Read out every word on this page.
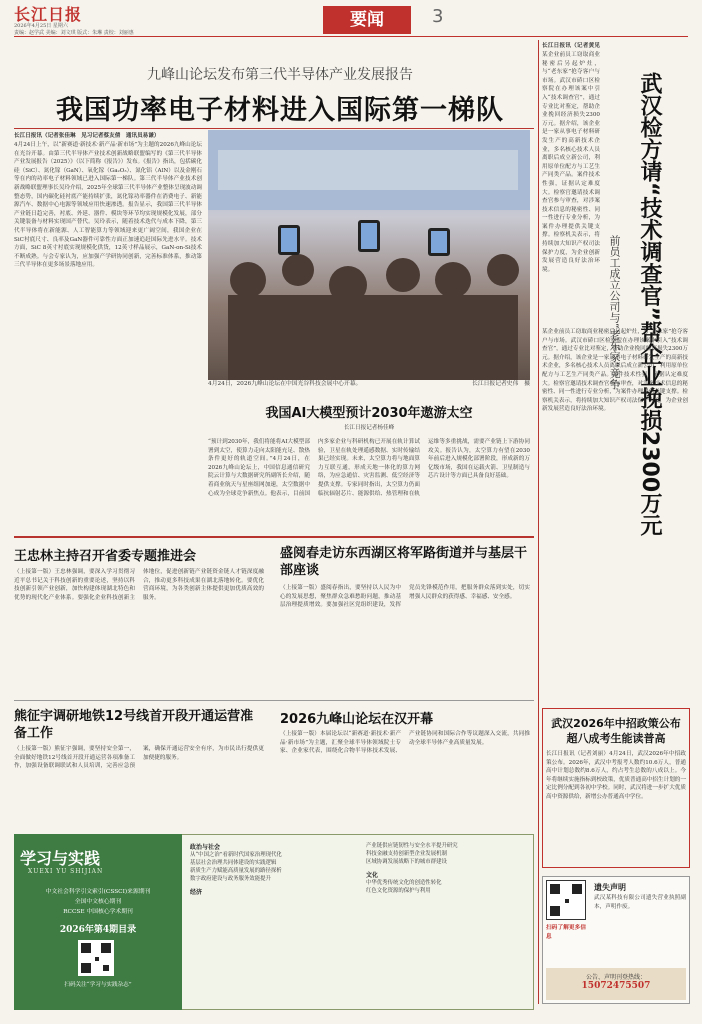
长江日报
2026年4月25日 星期六
责编：赵学武 美编：刘文琪 版式：朱琳 责校：刘丽惠
要闻	3
九峰山论坛发布第三代半导体产业发展报告
我国功率电子材料进入国际第一梯队
长江日报讯（记者张佳琳　见习记者蔡友倩　通讯员易谦）
4月24日上午，以“新赛道·新技术·新产品·新市场”为主题的2026九峰山论坛在光谷开幕。由第三代半导体产业技术创新战略联盟编写的《第三代半导体产业发展报告（2025）》（以下简称《报告》）发布。《报告》指出，包括碳化硅（SiC）、氮化镓（GaN）、氧化镓（Ga₂O₃）、氮化铝（AlN）以及金刚石等在内的功率电子材料领域已进入国际第一梯队。第三代半导体产业技术创新战略联盟理事长吴玲介绍，2025年全球第三代半导体产业整体呈现波动调整态势，国内碳化硅衬底产能持续扩张，氮化镓功率器件在消费电子、新能源汽车、数据中心电源等领域应用快速渗透。报告显示，我国第三代半导体产业链日趋完善，衬底、外延、器件、模块等环节均实现规模化发展，部分关键装备与材料实现国产替代。吴玲表示，随着技术迭代与成本下降，第三代半导体将在新能源、人工智能算力等领域迎来更广阔空间，我国企业在SiC衬底尺寸、良率及GaN器件可靠性方面正加速追赶国际先进水平。技术方面，SiC 8英寸衬底实现规模化供货，12英寸样品展示，GaN-on-Si技术不断成熟。与会专家认为，应加强产学研协同创新，完善标准体系，推动第三代半导体在更多场景落地应用。
4月24日，2026九峰山论坛在中国光谷科技会展中心开幕。	长江日报记者史伟　摄
我国AI大模型预计2030年遨游太空
长江日报记者杨佳峰
“预计到2030年，我们将能将AI大模型部署到太空，使算力走向太阳能充足、散热条件更好的轨道空间。”4月24日，在2026九峰山论坛上，中国信息通信研究院云计算与大数据研究所副所长介绍，随着商业航天与星座组网加速，太空数据中心成为全球竞争新焦点。他表示，目前国内多家企业与科研机构已开展在轨计算试验，卫星在轨处理遥感数据、实时传输结果已经实现。未来，太空算力将与地面算力互联互通，形成天地一体化的算力网络，为应急通信、灾害监测、低空经济等提供支撑。专家同时指出，太空算力仍面临抗辐射芯片、能源供给、热管理和在轨运维等多重挑战，需要产业链上下游协同攻关。报告认为，太空算力有望在2030年前后进入规模化部署阶段，形成新的万亿级市场，我国在运载火箭、卫星制造与芯片设计等方面已具备良好基础。	武汉检方请“技术调查官”帮企业挽损2300万元
前员工成立公司与“老东家”竞争
长江日报讯（记者黄见　　
某企业前员工窃取商业秘密后另起炉灶，与“老东家”抢夺客户与市场。武汉市硚口区检察院在办理该案中引入“技术调查官”，通过专业比对鉴定，帮助企业挽回经济损失2300万元。据介绍，该企业是一家从事电子材料研发生产的高新技术企业，多名核心技术人员离职后成立新公司，利用原单位配方与工艺生产同类产品。案件技术性强，证据认定难度大。检察官邀请技术调查官参与审查，对涉案技术信息的秘密性、同一性进行专业分析，为案件办理提供关键支撑。检察机关表示，将持续加大知识产权司法保护力度，为企业创新发展营造良好法治环境。
某企业前员工窃取商业秘密后另起炉灶，与“老东家”抢夺客户与市场。武汉市硚口区检察院在办理该案中引入“技术调查官”，通过专业比对鉴定，帮助企业挽回经济损失2300万元。据介绍，该企业是一家从事电子材料研发生产的高新技术企业，多名核心技术人员离职后成立新公司，利用原单位配方与工艺生产同类产品。案件技术性强，证据认定难度大。检察官邀请技术调查官参与审查，对涉案技术信息的秘密性、同一性进行专业分析，为案件办理提供关键支撑。检察机关表示，将持续加大知识产权司法保护力度，为企业创新发展营造良好法治环境。
武汉2026年中招政策公布 超八成考生能读普高
长江日报讯（记者刘丽）4月24日，武汉2026年中招政策公布。2026年，武汉中考报考人数约10.6万人，普通高中计划总数约8.6万人，约占考生总数的八成以上。今年将继续实施指标到校政策，优质普通高中招生计划的一定比例分配到各初中学校。同时，武汉将进一步扩大优质高中资源供给，新增公办普通高中学位。
王忠林主持召开省委专题推进会
（上接第一版）王忠林强调，要深入学习贯彻习近平总书记关于科技创新的重要论述，坚持以科技创新引领产业创新，加快构建体现湖北特色和优势的现代化产业体系。要强化企业科技创新主体地位，促进创新链产业链资金链人才链深度融合，推动更多科技成果在湖北落地转化。要优化营商环境，为各类创新主体提供更加优质高效的服务。
盛阅春走访东西湖区将军路街道并与基层干部座谈
（上接第一版）盛阅春指出，要坚持以人民为中心的发展思想，聚焦群众急难愁盼问题，推动基层治理提质增效。要加强社区党组织建设，发挥党员先锋模范作用，把服务群众落到实处，切实增强人民群众的获得感、幸福感、安全感。
熊征宇调研地铁12号线首开段开通运营准备工作
（上接第一版）熊征宇强调，要坚持安全第一，全面做好地铁12号线首开段开通运营各项准备工作，加强设备联调联试和人员培训，完善应急预案，确保开通运营安全有序，为市民出行提供更加便捷的服务。
2026九峰山论坛在汉开幕
（上接第一版）本届论坛以“新赛道·新技术·新产品·新市场”为主题，汇聚全球半导体领域院士专家、企业家代表，围绕化合物半导体技术发展、产业链协同和国际合作等议题深入交流，共同推动全球半导体产业高质量发展。
学习与实践
XUEXI YU SHIJIAN
中文社会科学引文索引(CSSCI)来源期刊
全国中文核心期刊
RCCSE 中国核心学术期刊
2026年第4期目录
扫码关注“学习与实践杂志”
政治与社会
从“中国之治”看新时代国家治理现代化
基层社会治理共同体建设的实践逻辑
新质生产力赋能高质量发展的路径探析
数字政府建设与政务服务效能提升
经济
产业链供应链韧性与安全水平提升研究
科技金融支持创新型企业发展机制
区域协调发展战略下的城市群建设
文化
中华优秀传统文化的创造性转化
红色文化资源的保护与利用
扫码了解更多信息
遗失声明
武汉某科技有限公司遗失营业执照副本，声明作废。
公告、声明刊登热线：
15072475507
